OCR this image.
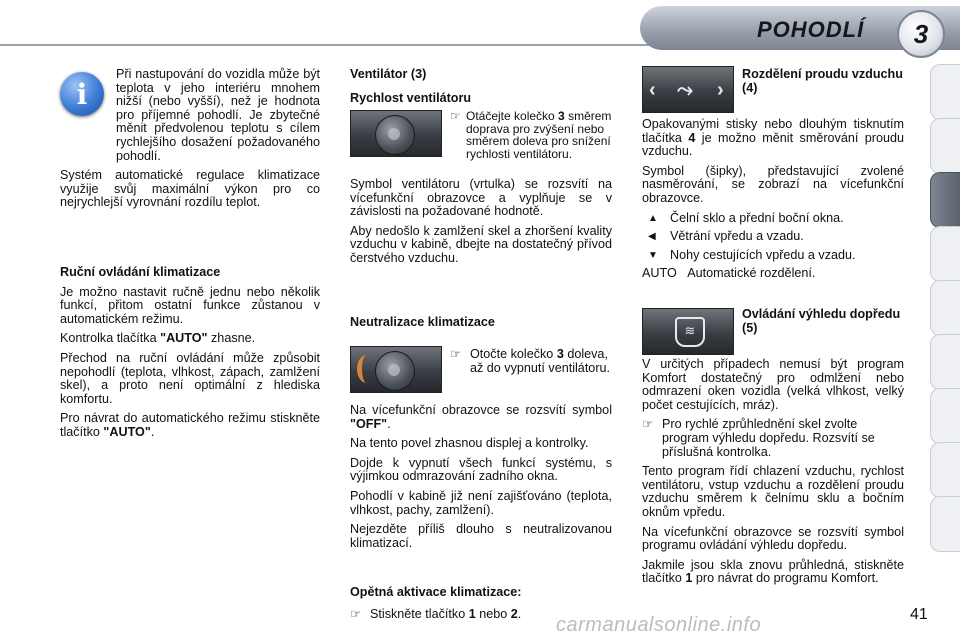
POHODLÍ	3
i

Při nastupování do vozidla může být teplota v jeho interiéru mnohem nižší (nebo vyšší), než je hodnota pro příjemné pohodlí. Je zbytečné měnit předvolenou teplotu s cílem rychlejšího dosažení požadovaného pohodlí.

Systém automatické regulace klimatizace využije svůj maximální výkon pro co nejrychlejší vyrovnání rozdílu teplot.

Ruční ovládání klimatizace

Je možno nastavit ručně jednu nebo několik funkcí, přitom ostatní funkce zůstanou v automatickém režimu.

Kontrolka tlačítka "AUTO" zhasne.

Přechod na ruční ovládání může způsobit nepohodlí (teplota, vlhkost, zápach, zamlžení skel), a proto není optimální z hlediska komfortu.

Pro návrat do automatického režimu stiskněte tlačítko "AUTO".

Ventilátor (3)
Rychlost ventilátoru
☞ Otáčejte kolečko 3 směrem doprava pro zvýšení nebo směrem doleva pro snížení rychlosti ventilátoru.

Symbol ventilátoru (vrtulka) se rozsvítí na vícefunkční obrazovce a vyplňuje se v závislosti na požadované hodnotě.

Aby nedošlo k zamlžení skel a zhoršení kvality vzduchu v kabině, dbejte na dostatečný přívod čerstvého vzduchu.

Neutralizace klimatizace
☞ Otočte kolečko 3 doleva, až do vypnutí ventilátoru.

Na vícefunkční obrazovce se rozsvítí symbol "OFF".

Na tento povel zhasnou displej a kontrolky.

Dojde k vypnutí všech funkcí systému, s výjimkou odmrazování zadního okna.

Pohodlí v kabině již není zajišťováno (teplota, vlhkost, pachy, zamlžení).

Nejezděte příliš dlouho s neutralizovanou klimatizací.

Opětná aktivace klimatizace:
☞ Stiskněte tlačítko 1 nebo 2.
‹ ⤳ ›
Rozdělení proudu vzduchu (4)

Opakovanými stisky nebo dlouhým tisknutím tlačítka 4 je možno měnit směrování proudu vzduchu.

Symbol (šipky), představující zvolené nasměrování, se zobrazí na vícefunkční obrazovce.

▲ Čelní sklo a přední boční okna.
◀ Větrání vpředu a vzadu.
▼ Nohy cestujících vpředu a vzadu.
AUTO Automatické rozdělení.
≋
Ovládání výhledu dopředu (5)

V určitých případech nemusí být program Komfort dostatečný pro odmlžení nebo odmrazení oken vozidla (velká vlhkost, velký počet cestujících, mráz).

☞ Pro rychlé zprůhlednění skel zvolte program výhledu dopředu. Rozsvítí se příslušná kontrolka.

Tento program řídí chlazení vzduchu, rychlost ventilátoru, vstup vzduchu a rozdělení proudu vzduchu směrem k čelnímu sklu a bočním oknům vpředu.

Na vícefunkční obrazovce se rozsvítí symbol programu ovládání výhledu dopředu.

Jakmile jsou skla znovu průhledná, stiskněte tlačítko 1 pro návrat do programu Komfort.

carmanualsonline.info	41
